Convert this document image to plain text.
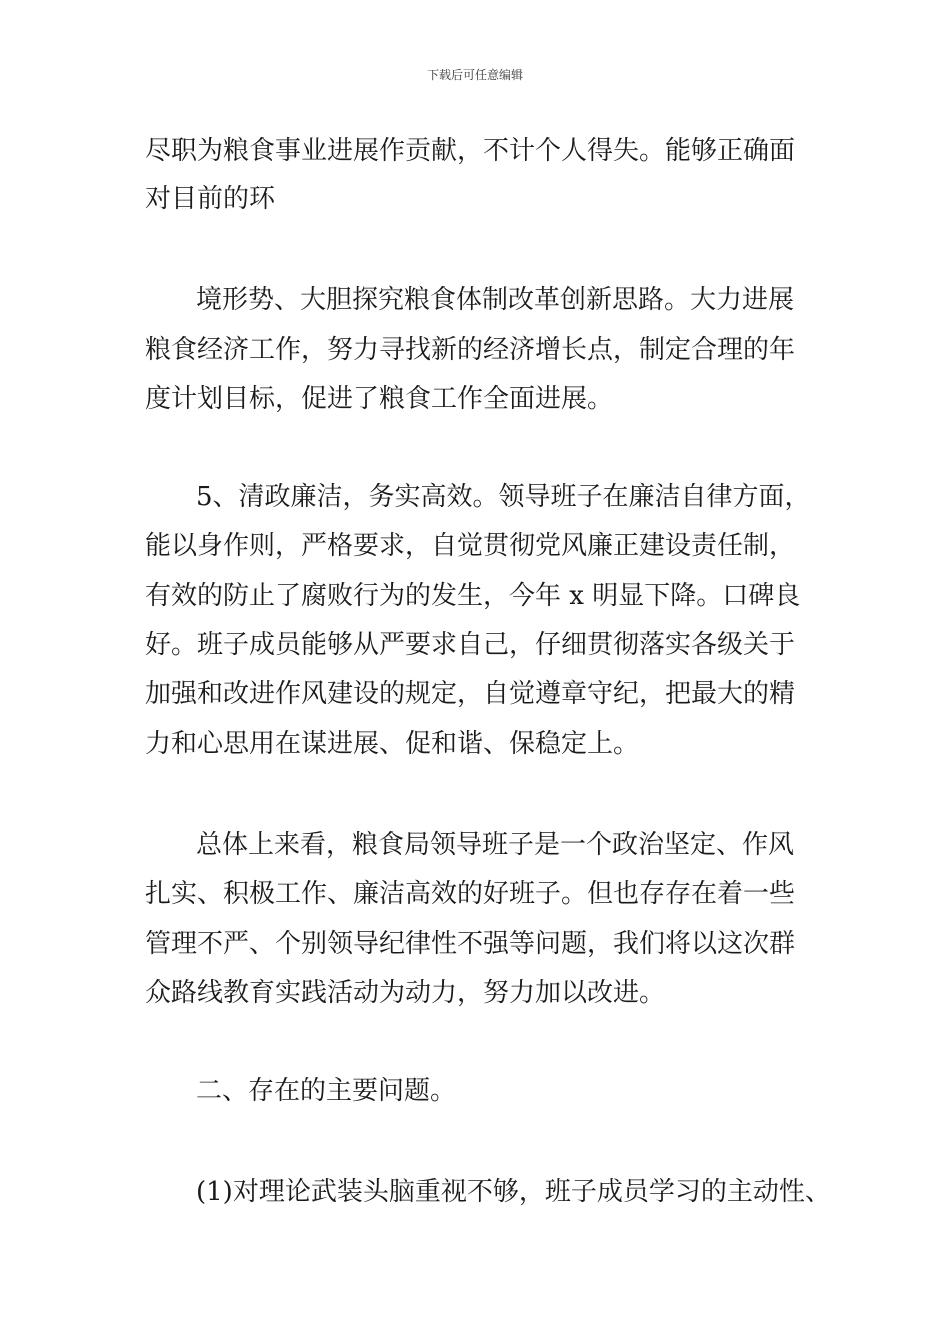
下载后可任意编辑
尽职为粮食事业进展作贡献，不计个人得失。能够正确面
对目前的环
境形势、大胆探究粮食体制改革创新思路。大力进展
粮食经济工作，努力寻找新的经济增长点，制定合理的年
度计划目标，促进了粮食工作全面进展。
5、清政廉洁，务实高效。领导班子在廉洁自律方面，
能以身作则，严格要求，自觉贯彻党风廉正建设责任制，
有效的防止了腐败行为的发生，今年 x 明显下降。口碑良
好。班子成员能够从严要求自己，仔细贯彻落实各级关于
加强和改进作风建设的规定，自觉遵章守纪，把最大的精
力和心思用在谋进展、促和谐、保稳定上。
总体上来看，粮食局领导班子是一个政治坚定、作风
扎实、积极工作、廉洁高效的好班子。但也存存在着一些
管理不严、个别领导纪律性不强等问题，我们将以这次群
众路线教育实践活动为动力，努力加以改进。
二、存在的主要问题。
(1)对理论武装头脑重视不够，班子成员学习的主动性、
